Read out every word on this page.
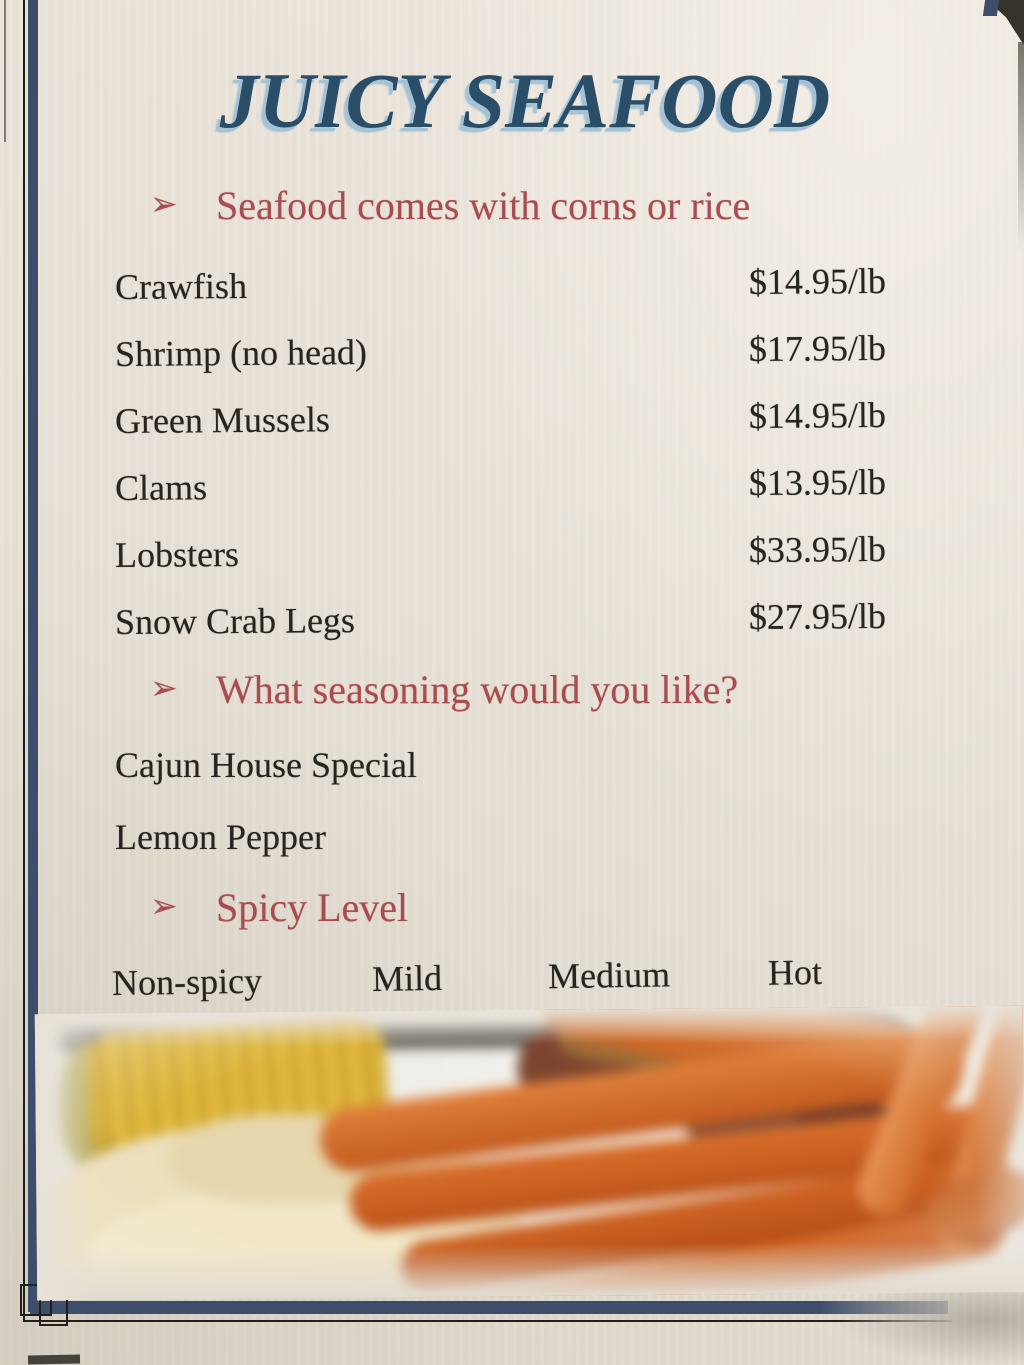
JUICY SEAFOOD
➢ Seafood comes with corns or rice
Crawfish	$14.95/lb
Shrimp (no head)	$17.95/lb
Green Mussels	$14.95/lb
Clams	$13.95/lb
Lobsters	$33.95/lb
Snow Crab Legs	$27.95/lb
➢ What seasoning would you like?
Cajun House Special
Lemon Pepper
➢ Spicy Level
Non-spicy	Mild	Medium	Hot
